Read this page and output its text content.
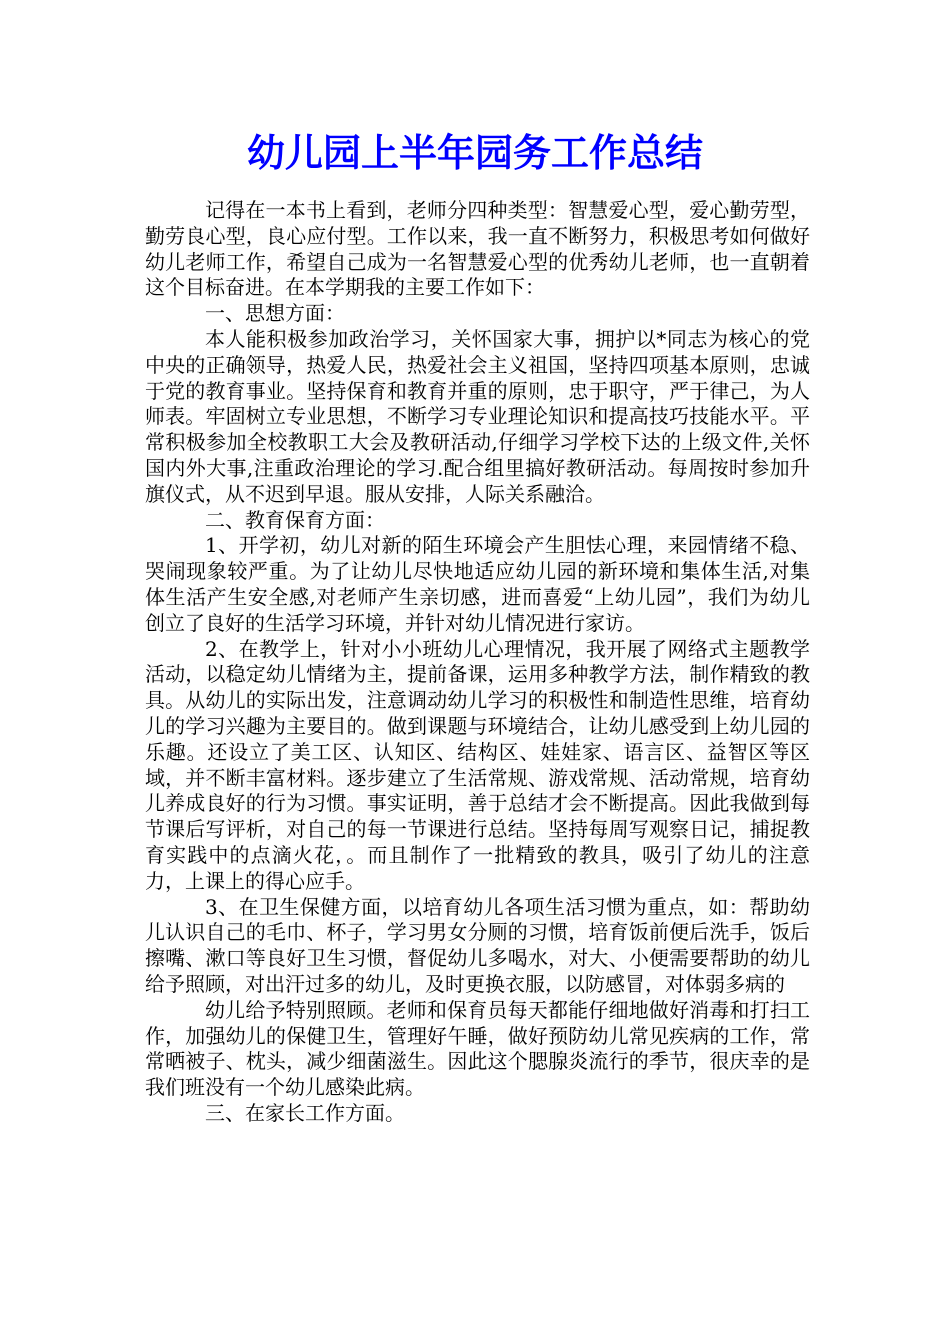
幼儿园上半年园务工作总结

记得在一本书上看到，老师分四种类型：智慧爱心型，爱心勤劳型，勤劳良心型，良心应付型。工作以来，我一直不断努力，积极思考如何做好幼儿老师工作，希望自己成为一名智慧爱心型的优秀幼儿老师，也一直朝着这个目标奋进。在本学期我的主要工作如下：

一、思想方面：

本人能积极参加政治学习，关怀国家大事，拥护以*同志为核心的党中央的正确领导，热爱人民，热爱社会主义祖国，坚持四项基本原则，忠诚于党的教育事业。坚持保育和教育并重的原则，忠于职守，严于律己，为人师表。牢固树立专业思想，不断学习专业理论知识和提高技巧技能水平。平常积极参加全校教职工大会及教研活动,仔细学习学校下达的上级文件,关怀国内外大事,注重政治理论的学习.配合组里搞好教研活动。每周按时参加升旗仪式，从不迟到早退。服从安排，人际关系融洽。

二、教育保育方面：

1、开学初，幼儿对新的陌生环境会产生胆怯心理，来园情绪不稳、哭闹现象较严重。为了让幼儿尽快地适应幼儿园的新环境和集体生活,对集体生活产生安全感,对老师产生亲切感，进而喜爱“上幼儿园”，我们为幼儿创立了良好的生活学习环境，并针对幼儿情况进行家访。

2、在教学上，针对小小班幼儿心理情况，我开展了网络式主题教学活动，以稳定幼儿情绪为主，提前备课，运用多种教学方法，制作精致的教具。从幼儿的实际出发，注意调动幼儿学习的积极性和制造性思维，培育幼儿的学习兴趣为主要目的。做到课题与环境结合，让幼儿感受到上幼儿园的乐趣。还设立了美工区、认知区、结构区、娃娃家、语言区、益智区等区域，并不断丰富材料。逐步建立了生活常规、游戏常规、活动常规，培育幼儿养成良好的行为习惯。事实证明，善于总结才会不断提高。因此我做到每节课后写评析，对自己的每一节课进行总结。坚持每周写观察日记，捕捉教育实践中的点滴火花，。而且制作了一批精致的教具，吸引了幼儿的注意力，上课上的得心应手。

3、在卫生保健方面，以培育幼儿各项生活习惯为重点，如：帮助幼儿认识自己的毛巾、杯子，学习男女分厕的习惯，培育饭前便后洗手，饭后擦嘴、漱口等良好卫生习惯，督促幼儿多喝水，对大、小便需要帮助的幼儿给予照顾，对出汗过多的幼儿，及时更换衣服，以防感冒，对体弱多病的

幼儿给予特别照顾。老师和保育员每天都能仔细地做好消毒和打扫工作，加强幼儿的保健卫生，管理好午睡，做好预防幼儿常见疾病的工作，常常晒被子、枕头，减少细菌滋生。因此这个腮腺炎流行的季节，很庆幸的是我们班没有一个幼儿感染此病。

三、在家长工作方面。
